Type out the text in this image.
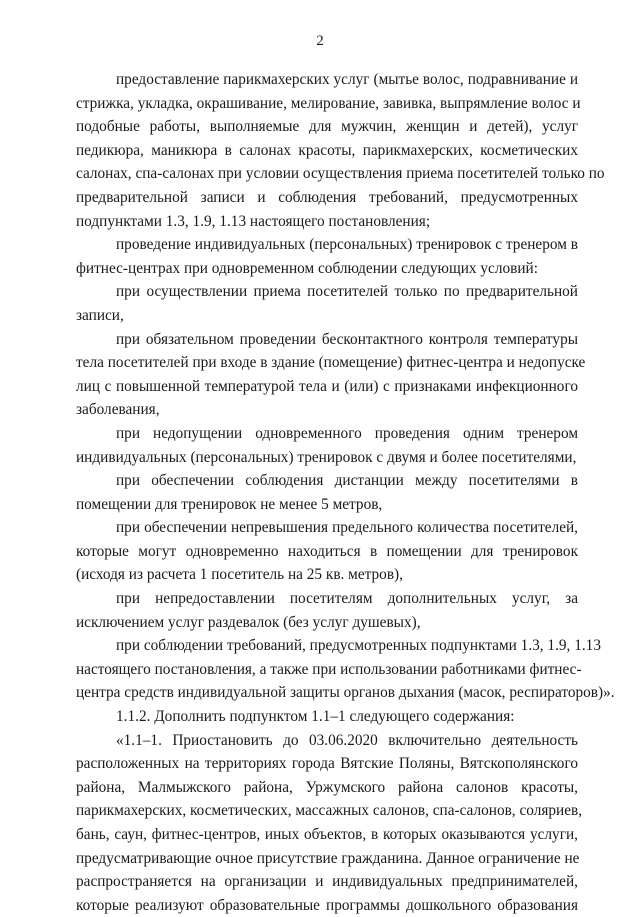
2
предоставление парикмахерских услуг (мытье волос, подравнивание и
стрижка, укладка, окрашивание, мелирование, завивка, выпрямление волос и
подобные работы, выполняемые для мужчин, женщин и детей), услуг
педикюра, маникюра в салонах красоты, парикмахерских, косметических
салонах, спа-салонах при условии осуществления приема посетителей только по
предварительной записи и соблюдения требований, предусмотренных
подпунктами 1.3, 1.9, 1.13 настоящего постановления;
проведение индивидуальных (персональных) тренировок с тренером в
фитнес-центрах при одновременном соблюдении следующих условий:
при осуществлении приема посетителей только по предварительной
записи,
при обязательном проведении бесконтактного контроля температуры
тела посетителей при входе в здание (помещение) фитнес-центра и недопуске
лиц с повышенной температурой тела и (или) с признаками инфекционного
заболевания,
при недопущении одновременного проведения одним тренером
индивидуальных (персональных) тренировок с двумя и более посетителями,
при обеспечении соблюдения дистанции между посетителями в
помещении для тренировок не менее 5 метров,
при обеспечении непревышения предельного количества посетителей,
которые могут одновременно находиться в помещении для тренировок
(исходя из расчета 1 посетитель на 25 кв. метров),
при непредоставлении посетителям дополнительных услуг, за
исключением услуг раздевалок (без услуг душевых),
при соблюдении требований, предусмотренных подпунктами 1.3, 1.9, 1.13
настоящего постановления, а также при использовании работниками фитнес-
центра средств индивидуальной защиты органов дыхания (масок, респираторов)».
1.1.2. Дополнить подпунктом 1.1–1 следующего содержания:
«1.1–1. Приостановить до 03.06.2020 включительно деятельность
расположенных на территориях города Вятские Поляны, Вятскополянского
района, Малмыжского района, Уржумского района салонов красоты,
парикмахерских, косметических, массажных салонов, спа-салонов, соляриев,
бань, саун, фитнес-центров, иных объектов, в которых оказываются услуги,
предусматривающие очное присутствие гражданина. Данное ограничение не
распространяется на организации и индивидуальных предпринимателей,
которые реализуют образовательные программы дошкольного образования
